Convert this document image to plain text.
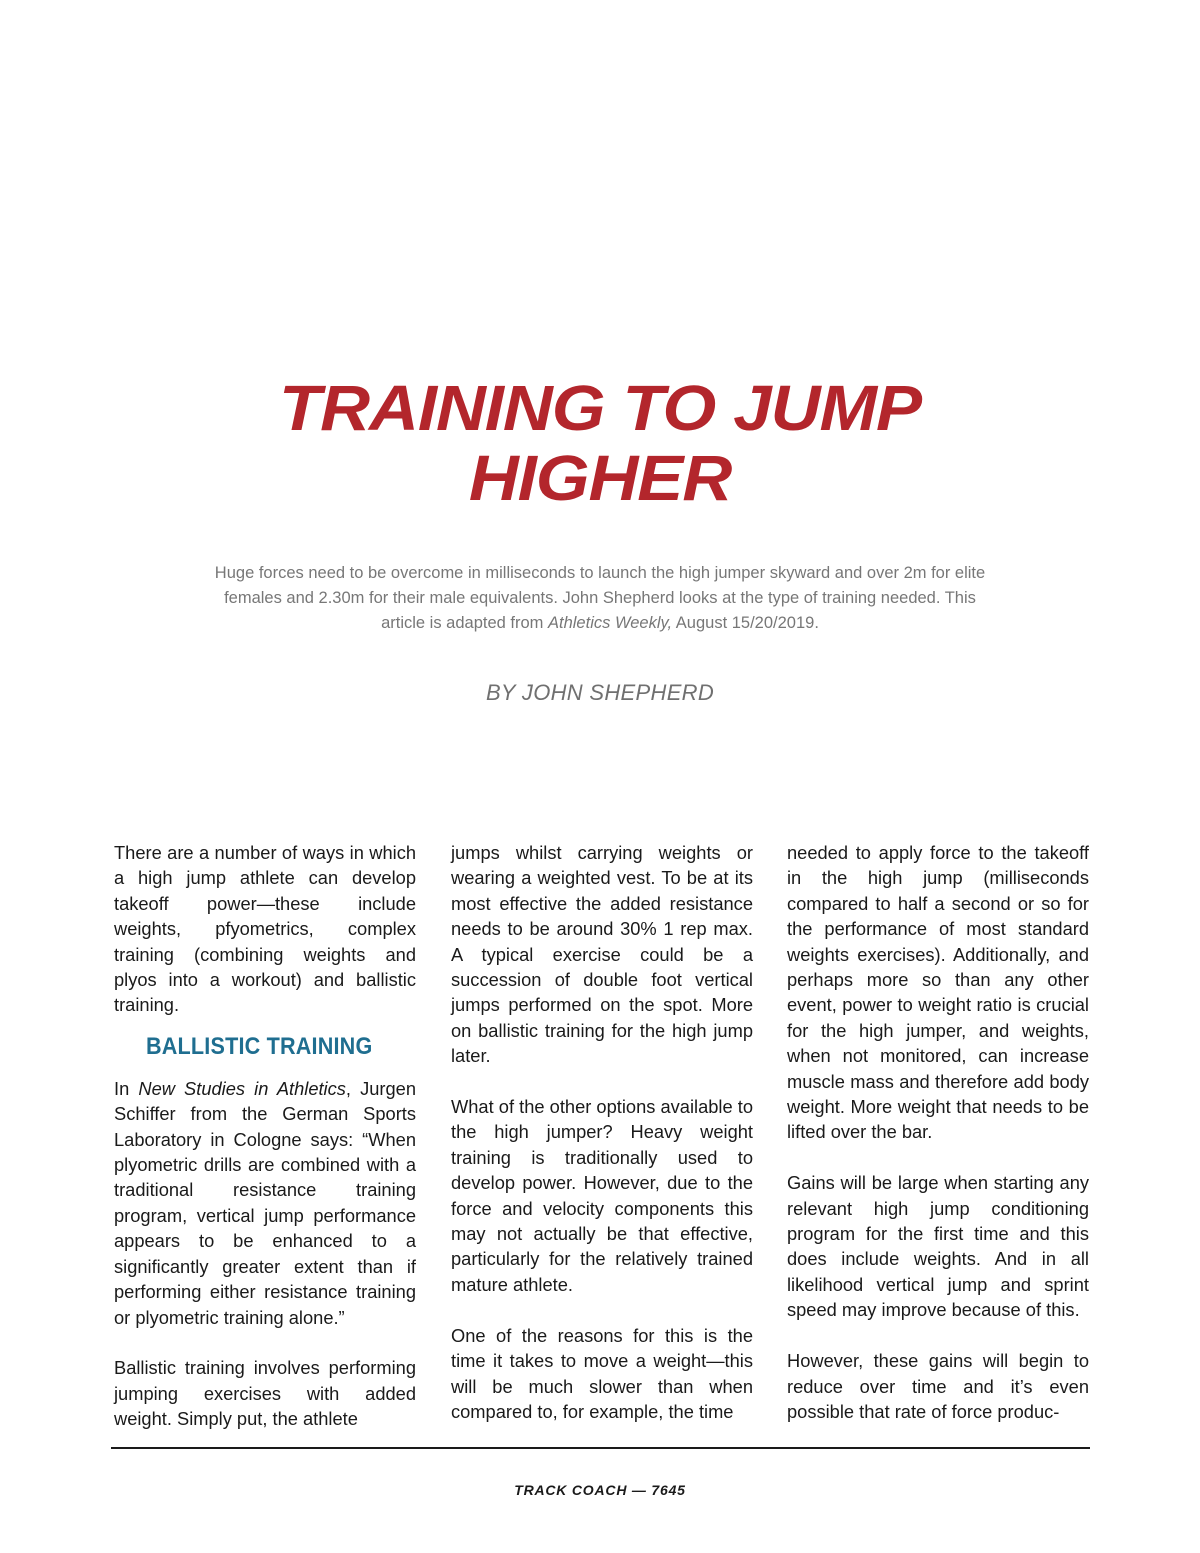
TRAINING TO JUMP
HIGHER
Huge forces need to be overcome in milliseconds to launch the high jumper skyward and over 2m for elite females and 2.30m for their male equivalents. John Shepherd looks at the type of training needed. This article is adapted from Athletics Weekly, August 15/20/2019.
BY JOHN SHEPHERD

There are a number of ways in which a high jump athlete can develop takeoff power—these include weights, pfyometrics, complex training (combining weights and plyos into a workout) and ballistic training.

BALLISTIC TRAINING

In New Studies in Athletics, Jurgen Schiffer from the German Sports Laboratory in Cologne says: “When plyometric drills are combined with a traditional resistance training program, vertical jump performance appears to be enhanced to a significantly greater extent than if performing either resistance training or plyometric training alone.”

Ballistic training involves performing jumping exercises with added weight. Simply put, the athlete

jumps whilst carrying weights or wearing a weighted vest. To be at its most effective the added resistance needs to be around 30% 1 rep max. A typical exercise could be a succession of double foot vertical jumps performed on the spot. More on ballistic training for the high jump later.

What of the other options available to the high jumper? Heavy weight training is traditionally used to develop power. However, due to the force and velocity components this may not actually be that effective, particularly for the relatively trained mature athlete.

One of the reasons for this is the time it takes to move a weight—this will be much slower than when compared to, for example, the time

needed to apply force to the takeoff in the high jump (milliseconds compared to half a second or so for the performance of most standard weights exercises). Additionally, and perhaps more so than any other event, power to weight ratio is crucial for the high jumper, and weights, when not monitored, can increase muscle mass and therefore add body weight. More weight that needs to be lifted over the bar.

Gains will be large when starting any relevant high jump conditioning program for the first time and this does include weights. And in all likelihood vertical jump and sprint speed may improve because of this.

However, these gains will begin to reduce over time and it’s even possible that rate of force produc-

TRACK COACH — 7645
